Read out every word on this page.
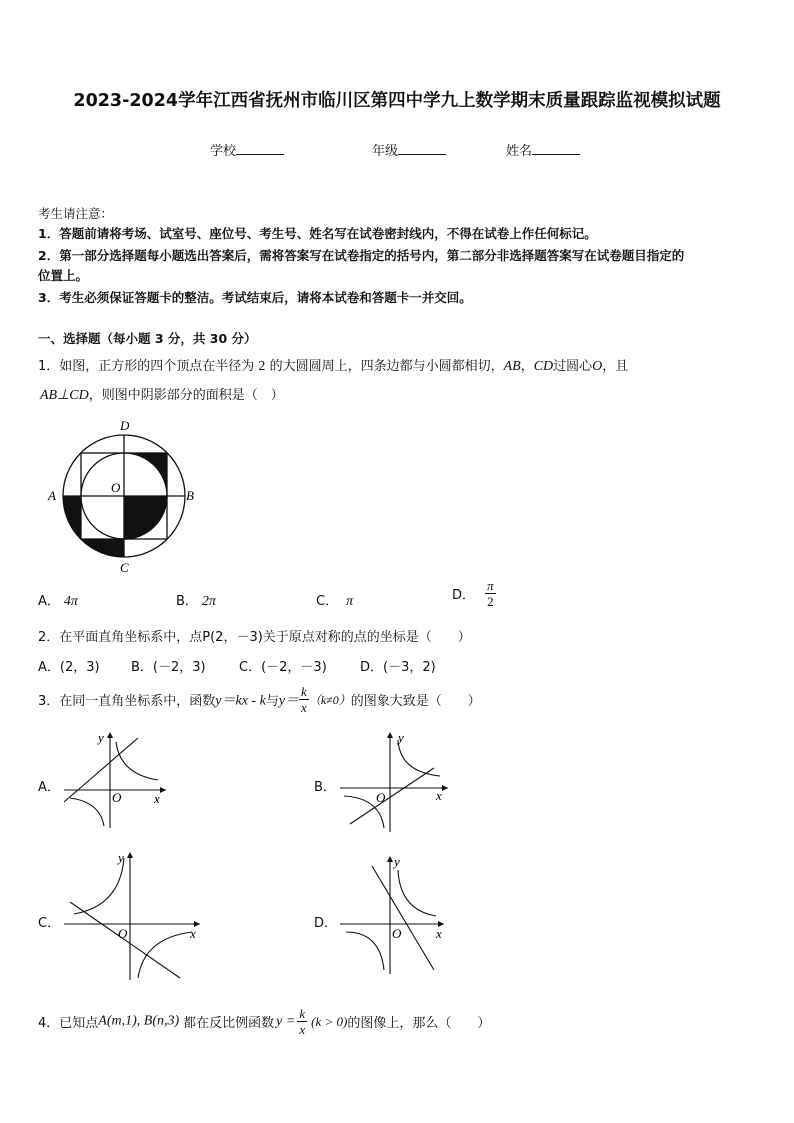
2023-2024学年江西省抚州市临川区第四中学九上数学期末质量跟踪监视模拟试题
学校	年级	姓名
考生请注意：
1．答题前请将考场、试室号、座位号、考生号、姓名写在试卷密封线内，不得在试卷上作任何标记。
2．第一部分选择题每小题选出答案后，需将答案写在试卷指定的括号内，第二部分非选择题答案写在试卷题目指定的
位置上。
3．考生必须保证答题卡的整洁。考试结束后，请将本试卷和答题卡一并交回。
一、选择题（每小题 3 分，共 30 分）
1．如图，正方形的四个顶点在半径为 2 的大圆圆周上，四条边都与小圆都相切，AB，CD过圆心O，且
AB⊥CD，则图中阴影部分的面积是（　）
D
A	B
C
O
A． 4π	B． 2π	C． π	D． $\frac{\pi}{2}$
2．在平面直角坐标系中，点P(2，－3)关于原点对称的点的坐标是（　　）
A．(2，3) B．(－2，3)	C．(－2，－3)	D．(－3，2)
3．在同一直角坐标系中，函数y＝kx - k与$y= \frac{k}{x} (k\ne 0)$的图象大致是（　　）
A．
y
x
O
B．
y
x
O
C．
y
x
O
D．
y
x
O
4．已知点A(m,1), B(n,3) 都在反比例函数 $y = \frac{k}{x} (k > 0)$的图像上，那么（　　）
